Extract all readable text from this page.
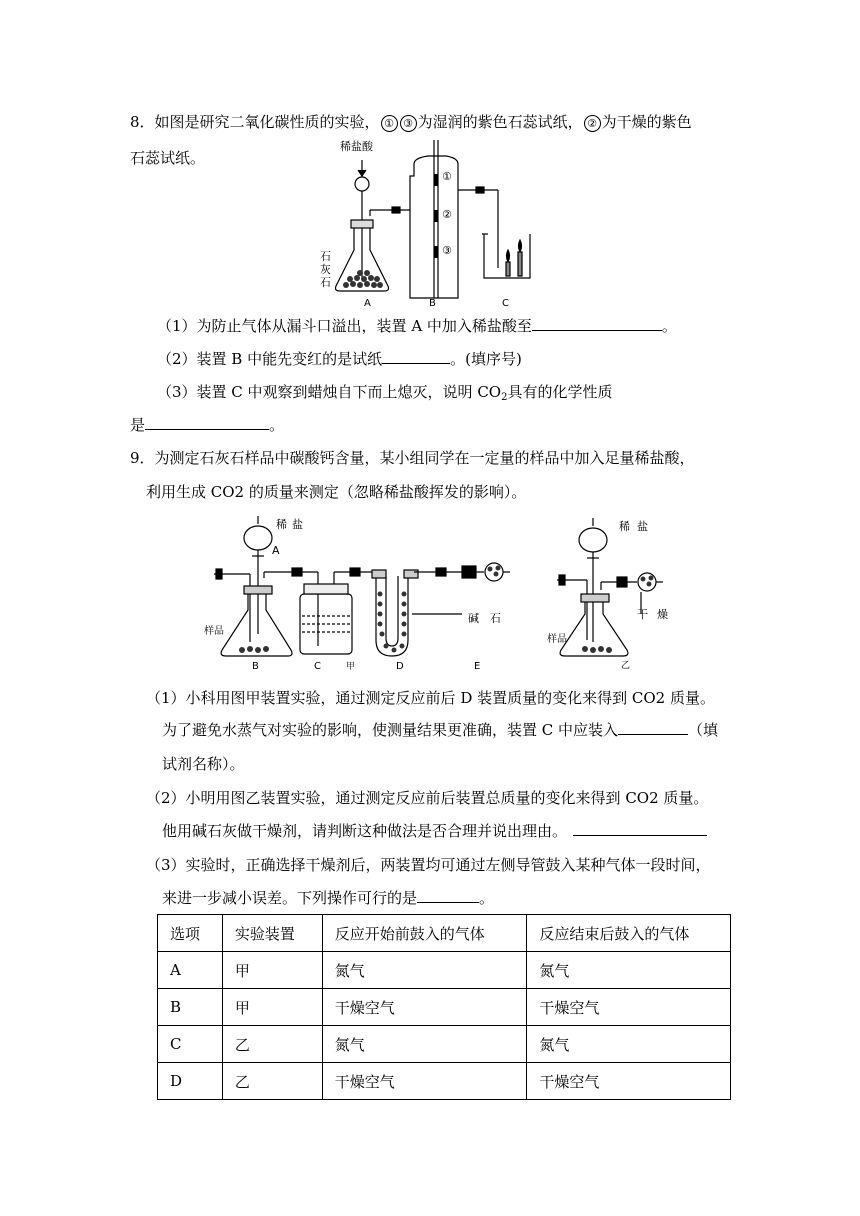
8．如图是研究二氧化碳性质的实验， ① ③ 为湿润的紫色石蕊试纸， ② 为干燥的紫色
石蕊试纸。
稀盐酸
石
灰
石
①
②
③
A	B	C
（1）为防止气体从漏斗口溢出，装置 A 中加入稀盐酸至	。
（2）装置 B 中能先变红的是试纸	。(填序号)
（3）装置 C 中观察到蜡烛自下而上熄灭，说明 $CO_2$具有的化学性质
是	。
9．为测定石灰石样品中碳酸钙含量，某小组同学在一定量的样品中加入足量稀盐酸，
利用生成 CO2 的质量来测定（忽略稀盐酸挥发的影响）。
稀 盐
A
样品
B	C	甲	D	E
碱 石
稀 盐
干 燥
样品
乙
（1）小科用图甲装置实验，通过测定反应前后 D 装置质量的变化来得到 CO2 质量。
为了避免水蒸气对实验的影响，使测量结果更准确，装置 C 中应装入	（填
试剂名称）。
（2）小明用图乙装置实验，通过测定反应前后装置总质量的变化来得到 CO2 质量。
他用碱石灰做干燥剂，请判断这种做法是否合理并说出理由。
（3）实验时，正确选择干燥剂后，两装置均可通过左侧导管鼓入某种气体一段时间，
来进一步减小误差。下列操作可行的是	。
选项	实验装置	反应开始前鼓入的气体	反应结束后鼓入的气体
A	甲	氮气	氮气
B	甲	干燥空气	干燥空气
C	乙	氮气	氮气
D	乙	干燥空气	干燥空气
